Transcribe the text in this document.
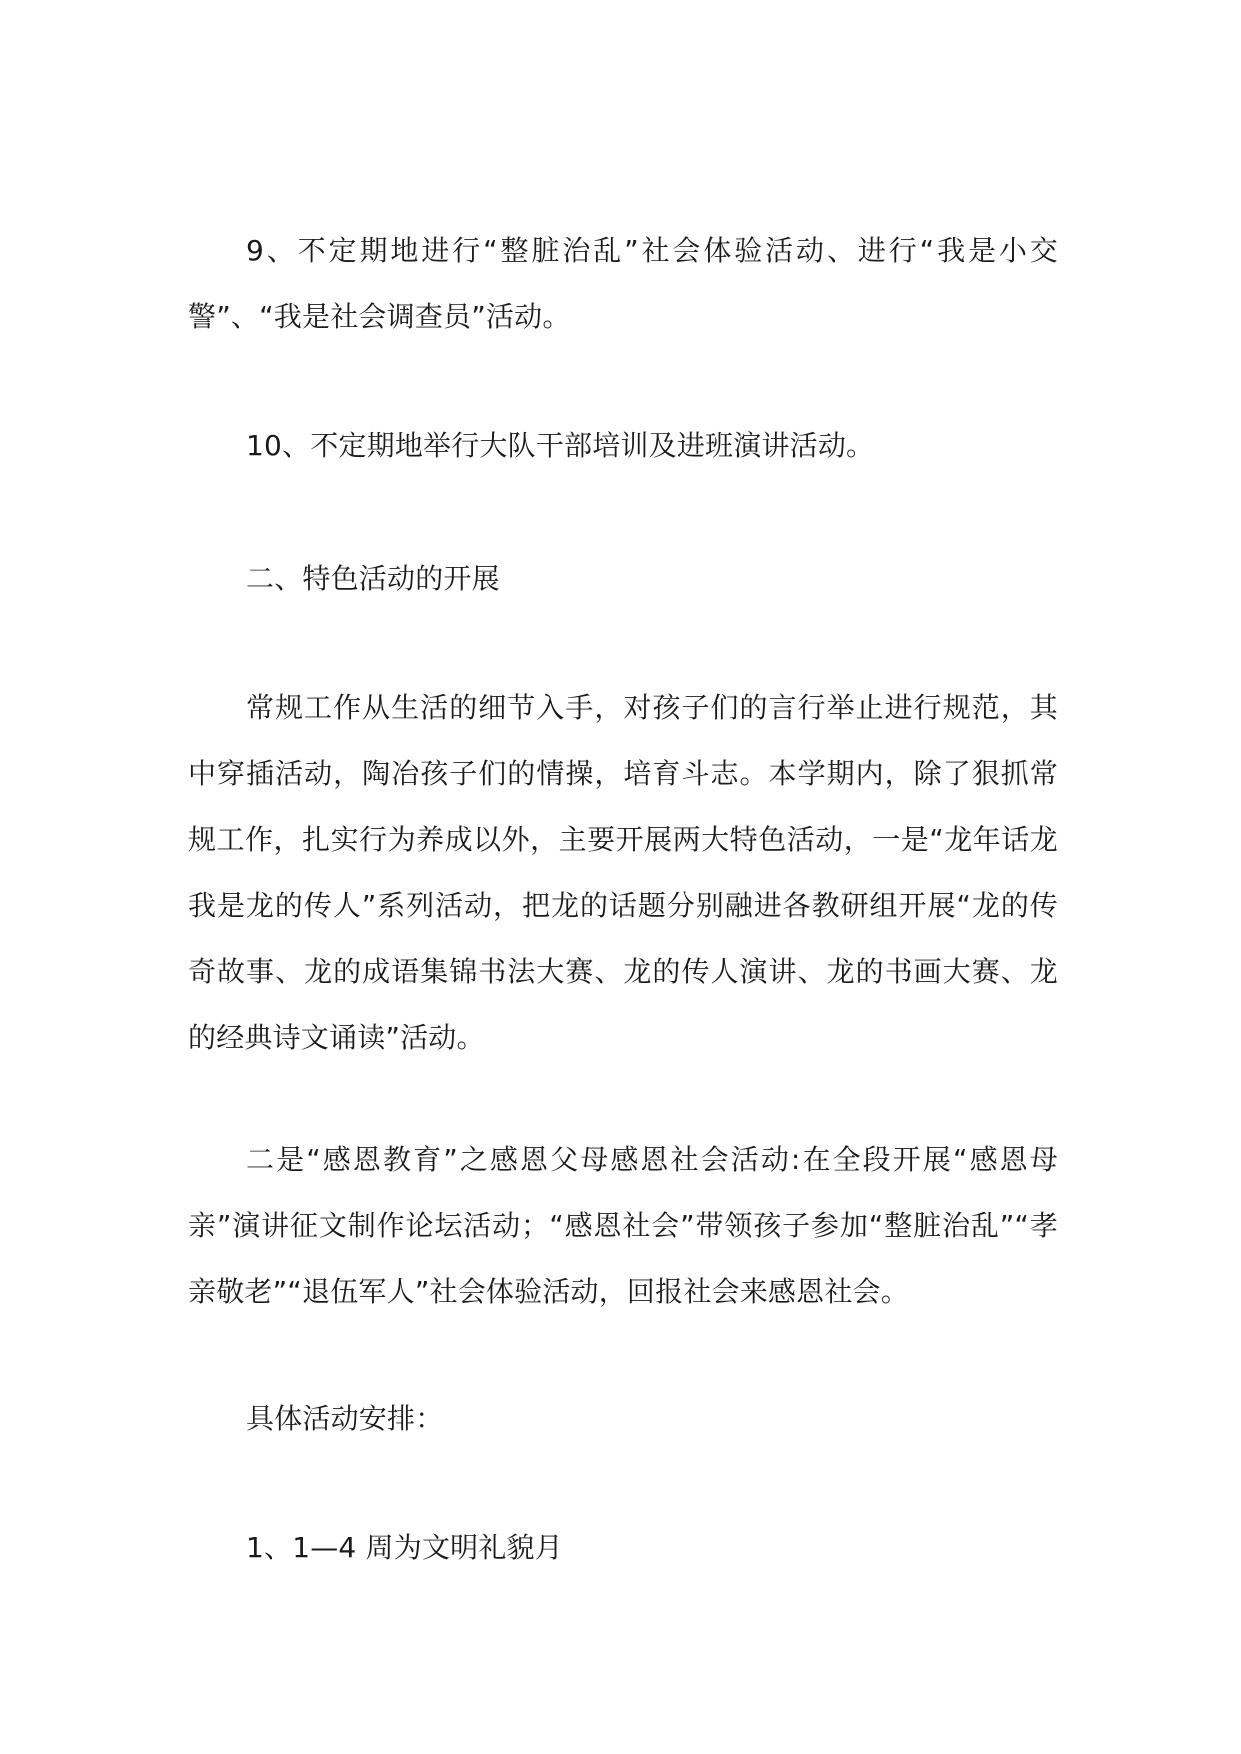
9、不定期地进行“整脏治乱”社会体验活动、进行“我是小交警”、“我是社会调查员”活动。

10、不定期地举行大队干部培训及进班演讲活动。

二、特色活动的开展

常规工作从生活的细节入手，对孩子们的言行举止进行规范，其中穿插活动，陶冶孩子们的情操，培育斗志。本学期内，除了狠抓常规工作，扎实行为养成以外，主要开展两大特色活动，一是“龙年话龙 我是龙的传人”系列活动，把龙的话题分别融进各教研组开展“龙的传奇故事、龙的成语集锦书法大赛、龙的传人演讲、龙的书画大赛、龙的经典诗文诵读”活动。

二是“感恩教育”之感恩父母感恩社会活动:在全段开展“感恩母亲”演讲征文制作论坛活动；“感恩社会”带领孩子参加“整脏治乱”“孝亲敬老”“退伍军人”社会体验活动，回报社会来感恩社会。

具体活动安排：

1、1—4 周为文明礼貌月
